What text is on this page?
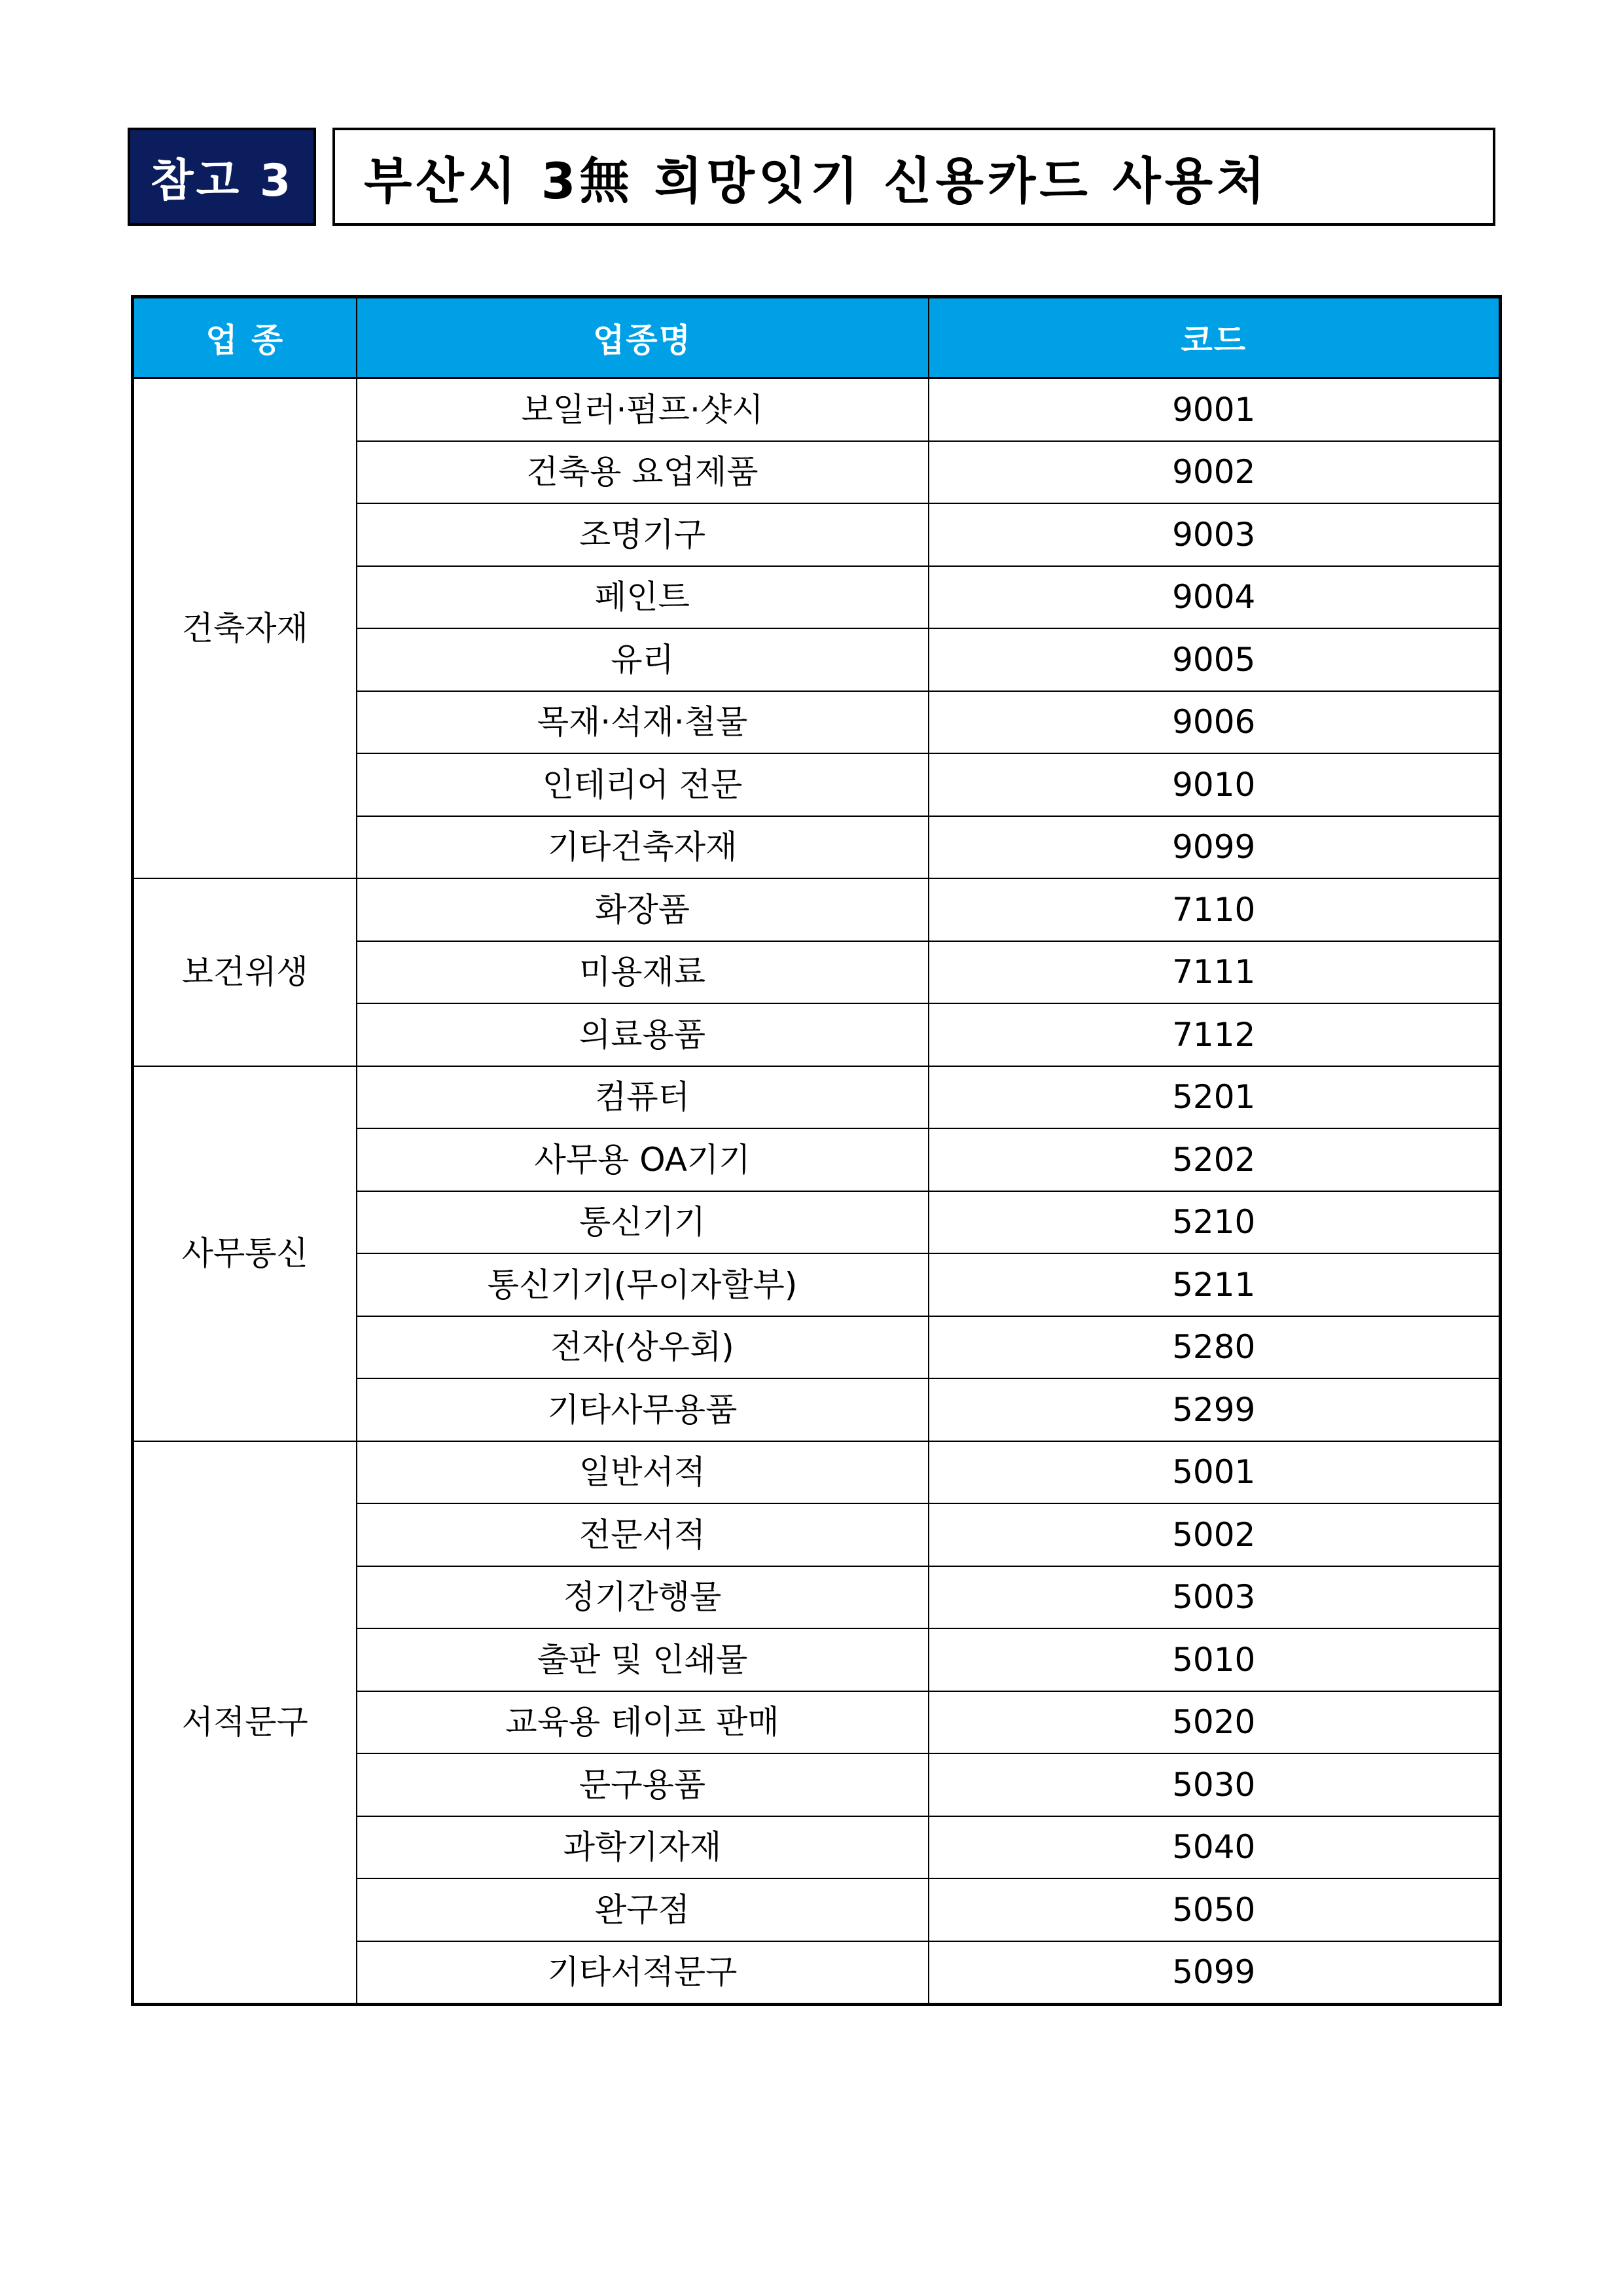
참고 3	부산시 3無 희망잇기 신용카드 사용처
업 종	업종명	코드
건축자재	보일러·펌프·샷시	9001
	건축용 요업제품	9002
	조명기구	9003
	페인트	9004
	유리	9005
	목재·석재·철물	9006
	인테리어 전문	9010
	기타건축자재	9099
보건위생	화장품	7110
	미용재료	7111
	의료용품	7112
사무통신	컴퓨터	5201
	사무용 OA기기	5202
	통신기기	5210
	통신기기(무이자할부)	5211
	전자(상우회)	5280
	기타사무용품	5299
서적문구	일반서적	5001
	전문서적	5002
	정기간행물	5003
	출판 및 인쇄물	5010
	교육용 테이프 판매	5020
	문구용품	5030
	과학기자재	5040
	완구점	5050
	기타서적문구	5099
